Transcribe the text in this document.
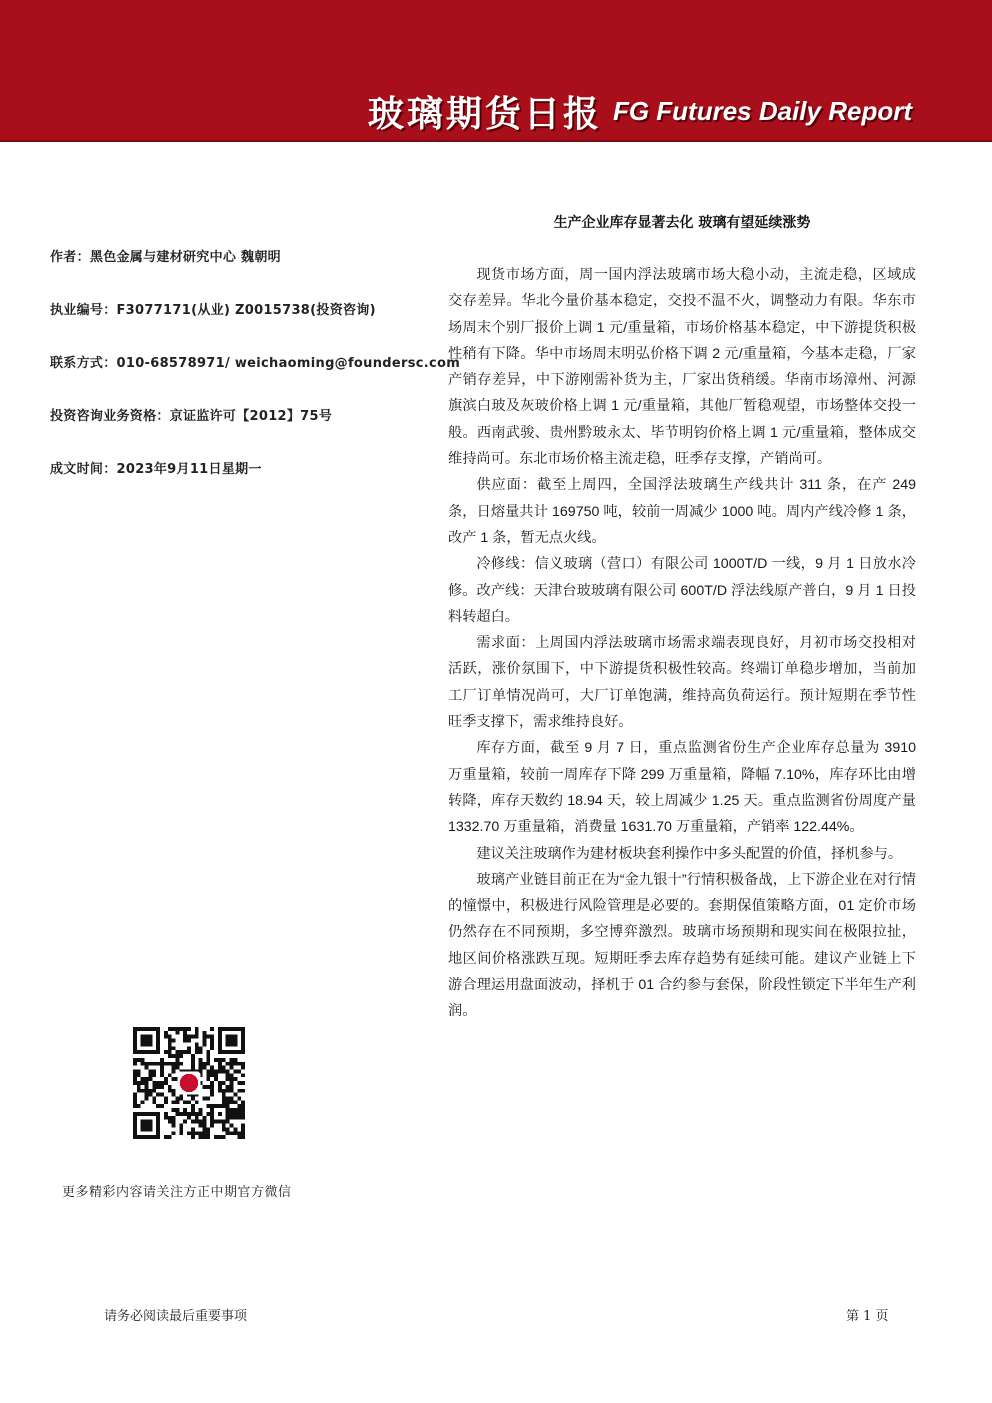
玻璃期货日报 FG Futures Daily Report
作者：黑色金属与建材研究中心 魏朝明
执业编号：F3077171(从业) Z0015738(投资咨询)
联系方式：010-68578971/ weichaoming@foundersc.com
投资咨询业务资格：京证监许可【2012】75号
成文时间：2023年9月11日星期一
更多精彩内容请关注方正中期官方微信
生产企业库存显著去化 玻璃有望延续涨势

现货市场方面，周一国内浮法玻璃市场大稳小动，主流走稳，区域成交存差异。华北今量价基本稳定，交投不温不火，调整动力有限。华东市场周末个别厂报价上调 1 元/重量箱，市场价格基本稳定，中下游提货积极性稍有下降。华中市场周末明弘价格下调 2 元/重量箱，今基本走稳，厂家产销存差异，中下游刚需补货为主，厂家出货稍缓。华南市场漳州、河源旗滨白玻及灰玻价格上调 1 元/重量箱，其他厂暂稳观望，市场整体交投一般。西南武骏、贵州黔玻永太、毕节明钧价格上调 1 元/重量箱，整体成交维持尚可。东北市场价格主流走稳，旺季存支撑，产销尚可。

供应面：截至上周四，全国浮法玻璃生产线共计 311 条，在产 249 条，日熔量共计 169750 吨，较前一周减少 1000 吨。周内产线冷修 1 条，改产 1 条，暂无点火线。

冷修线：信义玻璃（营口）有限公司 1000T/D 一线，9 月 1 日放水冷修。改产线：天津台玻玻璃有限公司 600T/D 浮法线原产普白，9 月 1 日投料转超白。

需求面：上周国内浮法玻璃市场需求端表现良好，月初市场交投相对活跃，涨价氛围下，中下游提货积极性较高。终端订单稳步增加，当前加工厂订单情况尚可，大厂订单饱满，维持高负荷运行。预计短期在季节性旺季支撑下，需求维持良好。

库存方面，截至 9 月 7 日，重点监测省份生产企业库存总量为 3910 万重量箱，较前一周库存下降 299 万重量箱，降幅 7.10%，库存环比由增转降，库存天数约 18.94 天，较上周减少 1.25 天。重点监测省份周度产量 1332.70 万重量箱，消费量 1631.70 万重量箱，产销率 122.44%。

建议关注玻璃作为建材板块套利操作中多头配置的价值，择机参与。

玻璃产业链目前正在为“金九银十”行情积极备战，上下游企业在对行情的憧憬中，积极进行风险管理是必要的。套期保值策略方面，01 定价市场仍然存在不同预期，多空博弈激烈。玻璃市场预期和现实间在极限拉扯，地区间价格涨跌互现。短期旺季去库存趋势有延续可能。建议产业链上下游合理运用盘面波动，择机于 01 合约参与套保，阶段性锁定下半年生产利润。

请务必阅读最后重要事项	第 1 页
